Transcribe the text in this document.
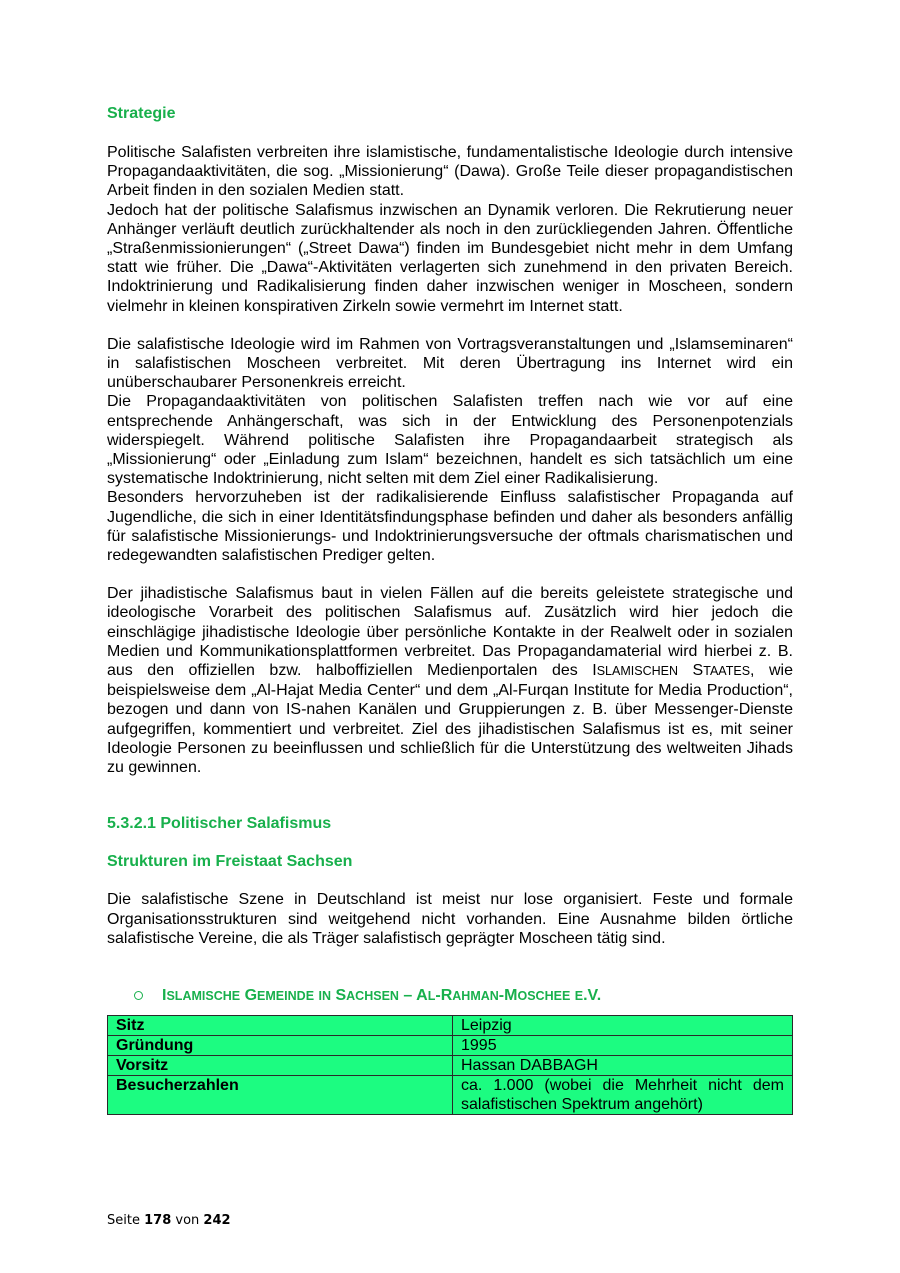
Strategie

Politische Salafisten verbreiten ihre islamistische, fundamentalistische Ideologie durch intensive Propagandaaktivitäten, die sog. „Missionierung“ (Dawa). Große Teile dieser propagandistischen Arbeit finden in den sozialen Medien statt.

Jedoch hat der politische Salafismus inzwischen an Dynamik verloren. Die Rekrutierung neuer Anhänger verläuft deutlich zurückhaltender als noch in den zurückliegenden Jahren. Öffentliche „Straßenmissionierungen“ („Street Dawa“) finden im Bundesgebiet nicht mehr in dem Umfang statt wie früher. Die „Dawa“-Aktivitäten verlagerten sich zunehmend in den privaten Bereich. Indoktrinierung und Radikalisierung finden daher inzwischen weniger in Moscheen, sondern vielmehr in kleinen konspirativen Zirkeln sowie vermehrt im Internet statt.

Die salafistische Ideologie wird im Rahmen von Vortragsveranstaltungen und „Islamseminaren“ in salafistischen Moscheen verbreitet. Mit deren Übertragung ins Internet wird ein unüberschaubarer Personenkreis erreicht.

Die Propagandaaktivitäten von politischen Salafisten treffen nach wie vor auf eine entsprechende Anhängerschaft, was sich in der Entwicklung des Personenpotenzials widerspiegelt. Während politische Salafisten ihre Propagandaarbeit strategisch als „Missionierung“ oder „Einladung zum Islam“ bezeichnen, handelt es sich tatsächlich um eine systematische Indoktrinierung, nicht selten mit dem Ziel einer Radikalisierung.

Besonders hervorzuheben ist der radikalisierende Einfluss salafistischer Propaganda auf Jugendliche, die sich in einer Identitätsfindungsphase befinden und daher als besonders anfällig für salafistische Missionierungs- und Indoktrinierungsversuche der oftmals charismatischen und redegewandten salafistischen Prediger gelten.

Der jihadistische Salafismus baut in vielen Fällen auf die bereits geleistete strategische und ideologische Vorarbeit des politischen Salafismus auf. Zusätzlich wird hier jedoch die einschlägige jihadistische Ideologie über persönliche Kontakte in der Realwelt oder in sozialen Medien und Kommunikationsplattformen verbreitet. Das Propagandamaterial wird hierbei z. B. aus den offiziellen bzw. halboffiziellen Medienportalen des ISLAMISCHEN STAATES, wie beispielsweise dem „Al-Hajat Media Center“ und dem „Al-Furqan Institute for Media Production“, bezogen und dann von IS-nahen Kanälen und Gruppierungen z. B. über Messenger-Dienste aufgegriffen, kommentiert und verbreitet. Ziel des jihadistischen Salafismus ist es, mit seiner Ideologie Personen zu beeinflussen und schließlich für die Unterstützung des weltweiten Jihads zu gewinnen.

5.3.2.1 Politischer Salafismus
Strukturen im Freistaat Sachsen

Die salafistische Szene in Deutschland ist meist nur lose organisiert. Feste und formale Organisationsstrukturen sind weitgehend nicht vorhanden. Eine Ausnahme bilden örtliche salafistische Vereine, die als Träger salafistisch geprägter Moscheen tätig sind.

ISLAMISCHE GEMEINDE IN SACHSEN – AL-RAHMAN-MOSCHEE E.V.
Sitz	Leipzig
Gründung	1995
Vorsitz	Hassan DABBAGH
Besucherzahlen	ca. 1.000 (wobei die Mehrheit nicht dem salafistischen Spektrum angehört)
Seite 178 von 242
